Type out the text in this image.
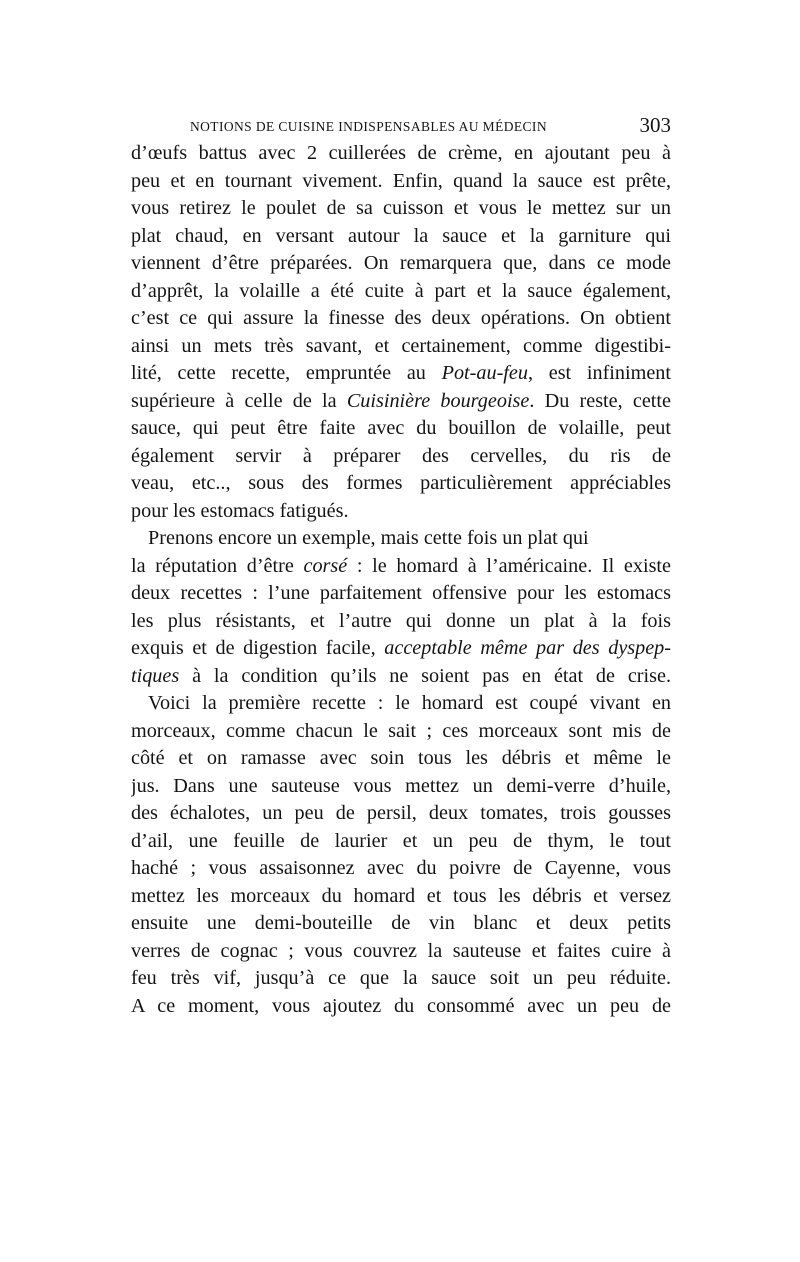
NOTIONS DE CUISINE INDISPENSABLES AU MÉDECIN	303
d’œufs battus avec 2 cuillerées de crème, en ajoutant peu à
peu et en tournant vivement. Enfin, quand la sauce est prête,
vous retirez le poulet de sa cuisson et vous le mettez sur un
plat chaud, en versant autour la sauce et la garniture qui
viennent d’être préparées. On remarquera que, dans ce mode
d’apprêt, la volaille a été cuite à part et la sauce également,
c’est ce qui assure la finesse des deux opérations. On obtient
ainsi un mets très savant, et certainement, comme digestibi-
lité, cette recette, empruntée au Pot-au-feu, est infiniment
supérieure à celle de la Cuisinière bourgeoise. Du reste, cette
sauce, qui peut être faite avec du bouillon de volaille, peut
également servir à préparer des cervelles, du ris de
veau, etc.., sous des formes particulièrement appréciables
pour les estomacs fatigués.
Prenons encore un exemple, mais cette fois un plat qui
la réputation d’être corsé : le homard à l’américaine. Il existe
deux recettes : l’une parfaitement offensive pour les estomacs
les plus résistants, et l’autre qui donne un plat à la fois
exquis et de digestion facile, acceptable même par des dyspep-
tiques à la condition qu’ils ne soient pas en état de crise.
Voici la première recette : le homard est coupé vivant en
morceaux, comme chacun le sait ; ces morceaux sont mis de
côté et on ramasse avec soin tous les débris et même le
jus. Dans une sauteuse vous mettez un demi-verre d’huile,
des échalotes, un peu de persil, deux tomates, trois gousses
d’ail, une feuille de laurier et un peu de thym, le tout
haché ; vous assaisonnez avec du poivre de Cayenne, vous
mettez les morceaux du homard et tous les débris et versez
ensuite une demi-bouteille de vin blanc et deux petits
verres de cognac ; vous couvrez la sauteuse et faites cuire à
feu très vif, jusqu’à ce que la sauce soit un peu réduite.
A ce moment, vous ajoutez du consommé avec un peu de
